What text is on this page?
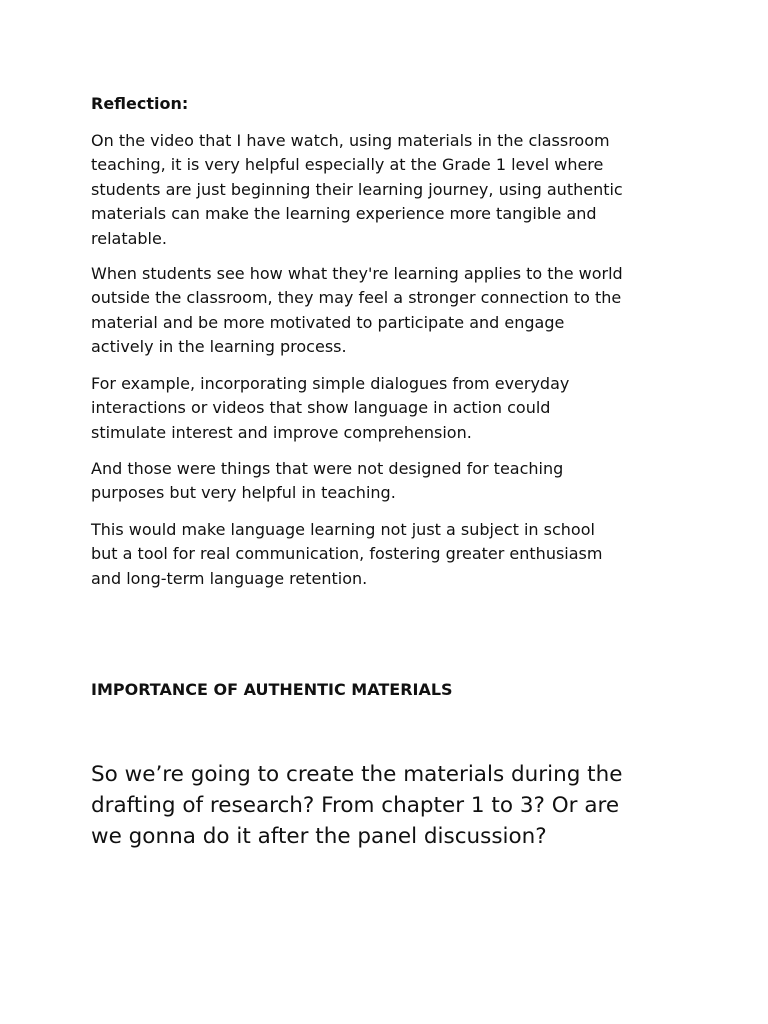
Reflection:

On the video that I have watch, using materials in the classroom
teaching, it is very helpful especially at the Grade 1 level where
students are just beginning their learning journey, using authentic
materials can make the learning experience more tangible and
relatable.

When students see how what they're learning applies to the world
outside the classroom, they may feel a stronger connection to the
material and be more motivated to participate and engage
actively in the learning process.

For example, incorporating simple dialogues from everyday
interactions or videos that show language in action could
stimulate interest and improve comprehension.

And those were things that were not designed for teaching
purposes but very helpful in teaching.

This would make language learning not just a subject in school
but a tool for real communication, fostering greater enthusiasm
and long-term language retention.

IMPORTANCE OF AUTHENTIC MATERIALS

So we’re going to create the materials during the
drafting of research? From chapter 1 to 3? Or are
we gonna do it after the panel discussion?
